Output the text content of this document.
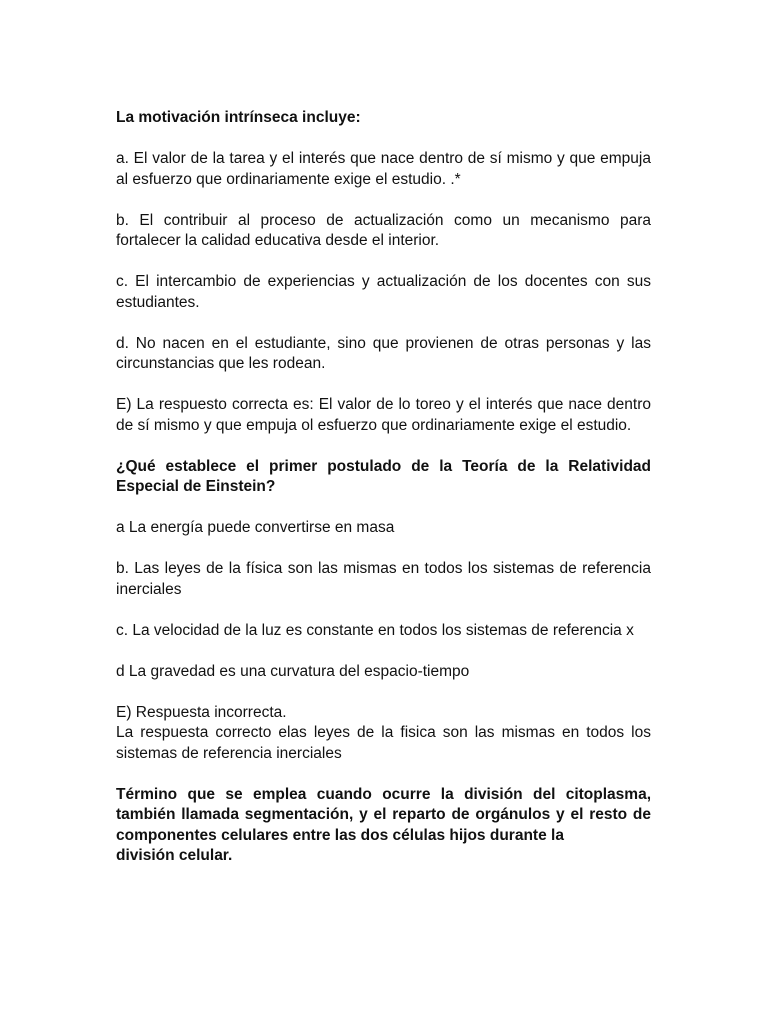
La motivación intrínseca incluye:

a. El valor de la tarea y el interés que nace dentro de sí mismo y que empuja al esfuerzo que ordinariamente exige el estudio. .*

b. El contribuir al proceso de actualización como un mecanismo para fortalecer la calidad educativa desde el interior.

c. El intercambio de experiencias y actualización de los docentes con sus estudiantes.

d. No nacen en el estudiante, sino que provienen de otras personas y las circunstancias que les rodean.

E) La respuesto correcta es: El valor de lo toreo y el interés que nace dentro de sí mismo y que empuja ol esfuerzo que ordinariamente exige el estudio.

¿Qué establece el primer postulado de la Teoría de la Relatividad Especial de Einstein?

a La energía puede convertirse en masa

b. Las leyes de la física son las mismas en todos los sistemas de referencia inerciales

c. La velocidad de la luz es constante en todos los sistemas de referencia x

d La gravedad es una curvatura del espacio-tiempo

E) Respuesta incorrecta.

La respuesta correcto elas leyes de la fisica son las mismas en todos los sistemas de referencia inerciales

Término que se emplea cuando ocurre la división del citoplasma, también llamada segmentación, y el reparto de orgánulos y el resto de componentes celulares entre las dos células hijos durante la

división celular.
